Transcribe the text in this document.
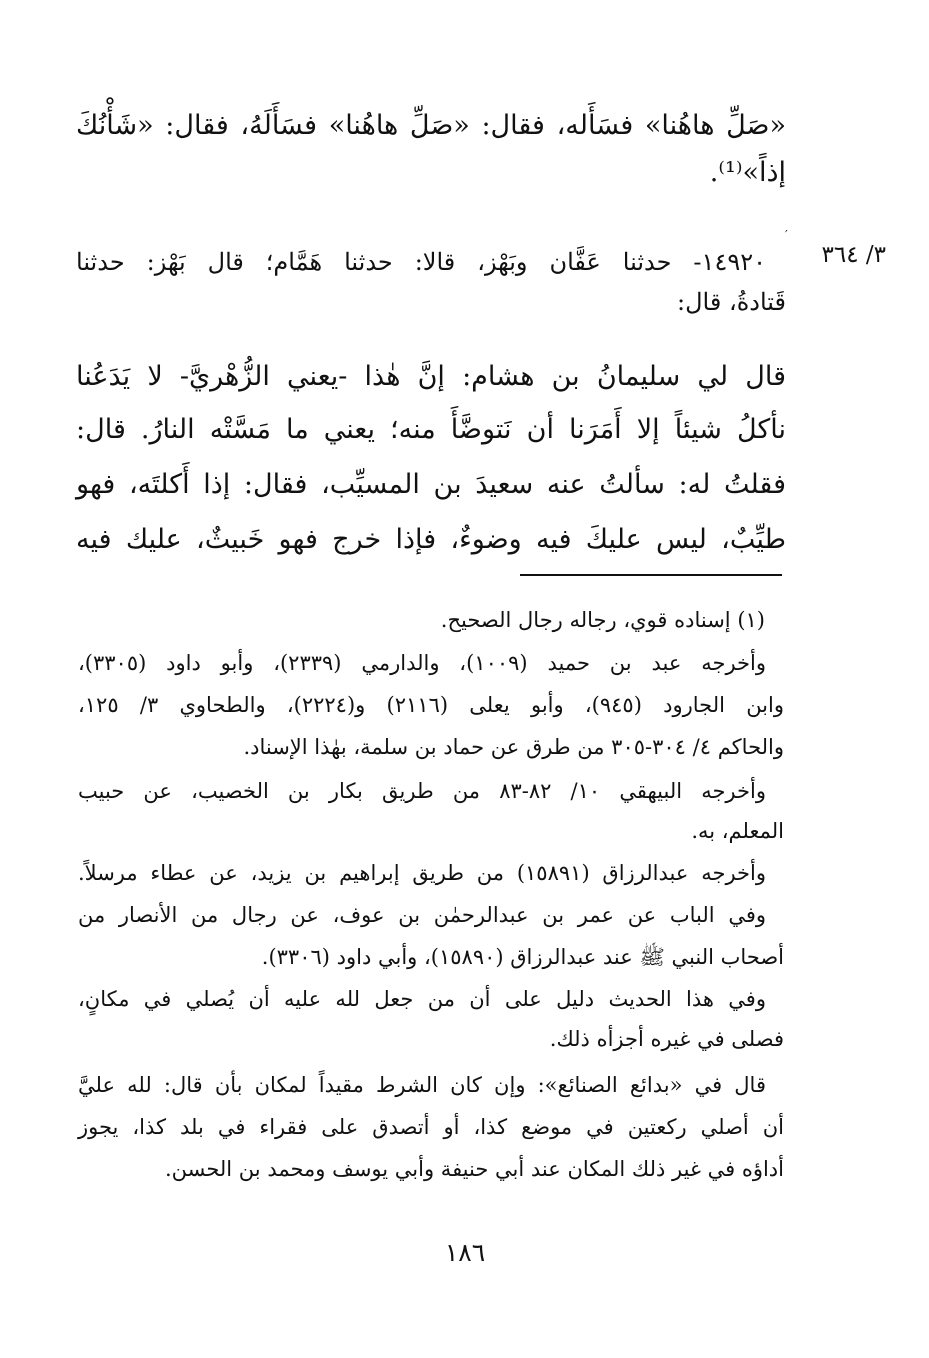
«صَلِّ هاهُنا» فسَأَله، فقال: «صَلِّ هاهُنا» فسَأَلَهُ، فقال: «شَأْنُكَ
إذاً»⁽¹⁾.
′
٣/ ٣٦٤
١٤٩٢٠- حدثنا عَفَّان وبَهْز، قالا: حدثنا هَمَّام؛ قال بَهْز: حدثنا
قَتادةُ، قال:
قال لي سليمانُ بن هشام: إنَّ هٰذا -يعني الزُّهْريَّ- لا يَدَعُنا
نأكلُ شيئاً إلا أَمَرَنا أن نَتوضَّأَ منه؛ يعني ما مَسَّتْه النارُ. قال:
فقلتُ له: سألتُ عنه سعيدَ بن المسيِّب، فقال: إذا أَكلتَه، فهو
طيِّبٌ، ليس عليكَ فيه وضوءٌ، فإذا خرج فهو خَبيثٌ، عليك فيه
(١) إسناده قوي، رجاله رجال الصحيح.
وأخرجه عبد بن حميد (١٠٠٩)، والدارمي (٢٣٣٩)، وأبو داود (٣٣٠٥)،
وابن الجارود (٩٤٥)، وأبو يعلى (٢١١٦) و(٢٢٢٤)، والطحاوي ٣/ ١٢٥،
والحاكم ٤/ ٣٠٤-٣٠٥ من طرق عن حماد بن سلمة، بهٰذا الإسناد.
وأخرجه البيهقي ١٠/ ٨٢-٨٣ من طريق بكار بن الخصيب، عن حبيب
المعلم، به.
وأخرجه عبدالرزاق (١٥٨٩١) من طريق إبراهيم بن يزيد، عن عطاء مرسلاً.
وفي الباب عن عمر بن عبدالرحمٰن بن عوف، عن رجال من الأنصار من
أصحاب النبي ﷺ عند عبدالرزاق (١٥٨٩٠)، وأبي داود (٣٣٠٦).
وفي هذا الحديث دليل على أن من جعل لله عليه أن يُصلي في مكانٍ،
فصلى في غيره أجزأه ذلك.
قال في «بدائع الصنائع»: وإن كان الشرط مقيداً لمكان بأن قال: لله عليَّ
أن أصلي ركعتين في موضع كذا، أو أتصدق على فقراء في بلد كذا، يجوز
أداؤه في غير ذلك المكان عند أبي حنيفة وأبي يوسف ومحمد بن الحسن.
١٨٦
